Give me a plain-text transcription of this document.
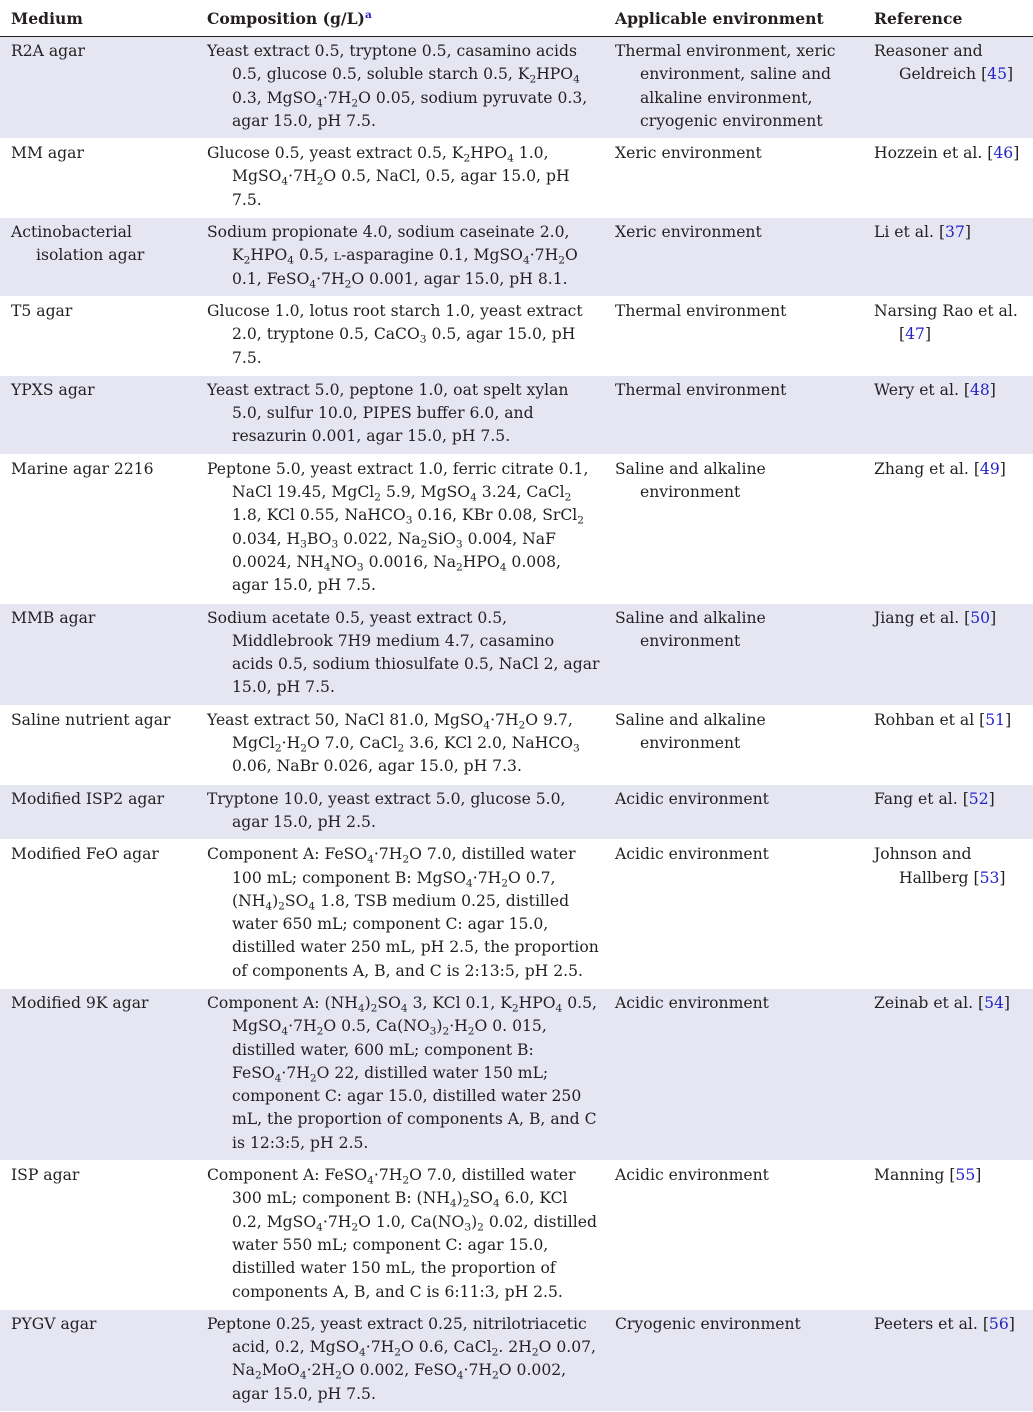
Medium	Composition $(g/L)^a$	Applicable environment	Reference
R2A agar	Yeast extract 0.5, tryptone 0.5, casamino acids 0.5, glucose 0.5, soluble starch 0.5, $K_2HPO_4$ 0.3, $MgSO_4\cdot 7H_2O$ 0.05, sodium pyruvate 0.3, agar 15.0, pH 7.5.	Thermal environment, xeric environment, saline and alkaline environment, cryogenic environment	Reasoner and Geldreich [45]
MM agar	Glucose 0.5, yeast extract 0.5, $K_2HPO_4$ 1.0, $MgSO_4\cdot 7H_2O$ 0.5, NaCl, 0.5, agar 15.0, pH 7.5.	Xeric environment	Hozzein et al. [46]
Actinobacterial isolation agar	Sodium propionate 4.0, sodium caseinate 2.0, $K_2HPO_4$ 0.5, l-asparagine 0.1, $MgSO_4\cdot 7H_2O$ 0.1, $FeSO_4\cdot 7H_2O$ 0.001, agar 15.0, pH 8.1.	Xeric environment	Li et al. [37]
T5 agar	Glucose 1.0, lotus root starch 1.0, yeast extract 2.0, tryptone 0.5, CaCO$_3$ 0.5, agar 15.0, pH 7.5.	Thermal environment	Narsing Rao et al. [47]
YPXS agar	Yeast extract 5.0, peptone 1.0, oat spelt xylan 5.0, sulfur 10.0, PIPES buffer 6.0, and resazurin 0.001, agar 15.0, pH 7.5.	Thermal environment	Wery et al. [48]
Marine agar 2216	Peptone 5.0, yeast extract 1.0, ferric citrate 0.1, NaCl 19.45, MgCl$_2$ 5.9, MgSO$_4$ 3.24, CaCl$_2$ 1.8, KCl 0.55, NaHCO$_3$ 0.16, KBr 0.08, SrCl$_2$ 0.034, $H_3BO_3$ 0.022, $Na_2SiO_3$ 0.004, NaF 0.0024, $NH_4NO_3$ 0.0016, $Na_2HPO_4$ 0.008, agar 15.0, pH 7.5.	Saline and alkaline environment	Zhang et al. [49]
MMB agar	Sodium acetate 0.5, yeast extract 0.5, Middlebrook 7H9 medium 4.7, casamino acids 0.5, sodium thiosulfate 0.5, NaCl 2, agar 15.0, pH 7.5.	Saline and alkaline environment	Jiang et al. [50]
Saline nutrient agar	Yeast extract 50, NaCl 81.0, $MgSO_4\cdot 7H_2O$ 9.7, $MgCl_2\cdot H_2O$ 7.0, CaCl$_2$ 3.6, KCl 2.0, NaHCO$_3$ 0.06, NaBr 0.026, agar 15.0, pH 7.3.	Saline and alkaline environment	Rohban et al [51]
Modified ISP2 agar	Tryptone 10.0, yeast extract 5.0, glucose 5.0, agar 15.0, pH 2.5.	Acidic environment	Fang et al. [52]
Modified FeO agar	Component A: $FeSO_4\cdot 7H_2O$ 7.0, distilled water 100 mL; component B: $MgSO_4\cdot 7H_2O$ 0.7, $(NH_4)_2SO_4$ 1.8, TSB medium 0.25, distilled water 650 mL; component C: agar 15.0, distilled water 250 mL, pH 2.5, the proportion of components A, B, and C is 2:13:5, pH 2.5.	Acidic environment	Johnson and Hallberg [53]
Modified 9K agar	Component A: $(NH_4)_2SO_4$ 3, KCl 0.1, $K_2HPO_4$ 0.5, $MgSO_4\cdot 7H_2O$ 0.5, $Ca(NO_3)_2\cdot H_2O$ 0. 015, distilled water, 600 mL; component B: $FeSO_4\cdot 7H_2O$ 22, distilled water 150 mL; component C: agar 15.0, distilled water 250 mL, the proportion of components A, B, and C is 12:3:5, pH 2.5.	Acidic environment	Zeinab et al. [54]
ISP agar	Component A: $FeSO_4\cdot 7H_2O$ 7.0, distilled water 300 mL; component B: $(NH_4)_2SO_4$ 6.0, KCl 0.2, $MgSO_4\cdot 7H_2O$ 1.0, $Ca(NO_3)_2$ 0.02, distilled water 550 mL; component C: agar 15.0, distilled water 150 mL, the proportion of components A, B, and C is 6:11:3, pH 2.5.	Acidic environment	Manning [55]
PYGV agar	Peptone 0.25, yeast extract 0.25, nitrilotriacetic acid, 0.2, $MgSO_4\cdot 7H_2O$ 0.6, CaCl$_2$. $2H_2O$ 0.07, $Na_2MoO_4\cdot 2H_2O$ 0.002, $FeSO_4\cdot 7H_2O$ 0.002, agar 15.0, pH 7.5.	Cryogenic environment	Peeters et al. [56]
